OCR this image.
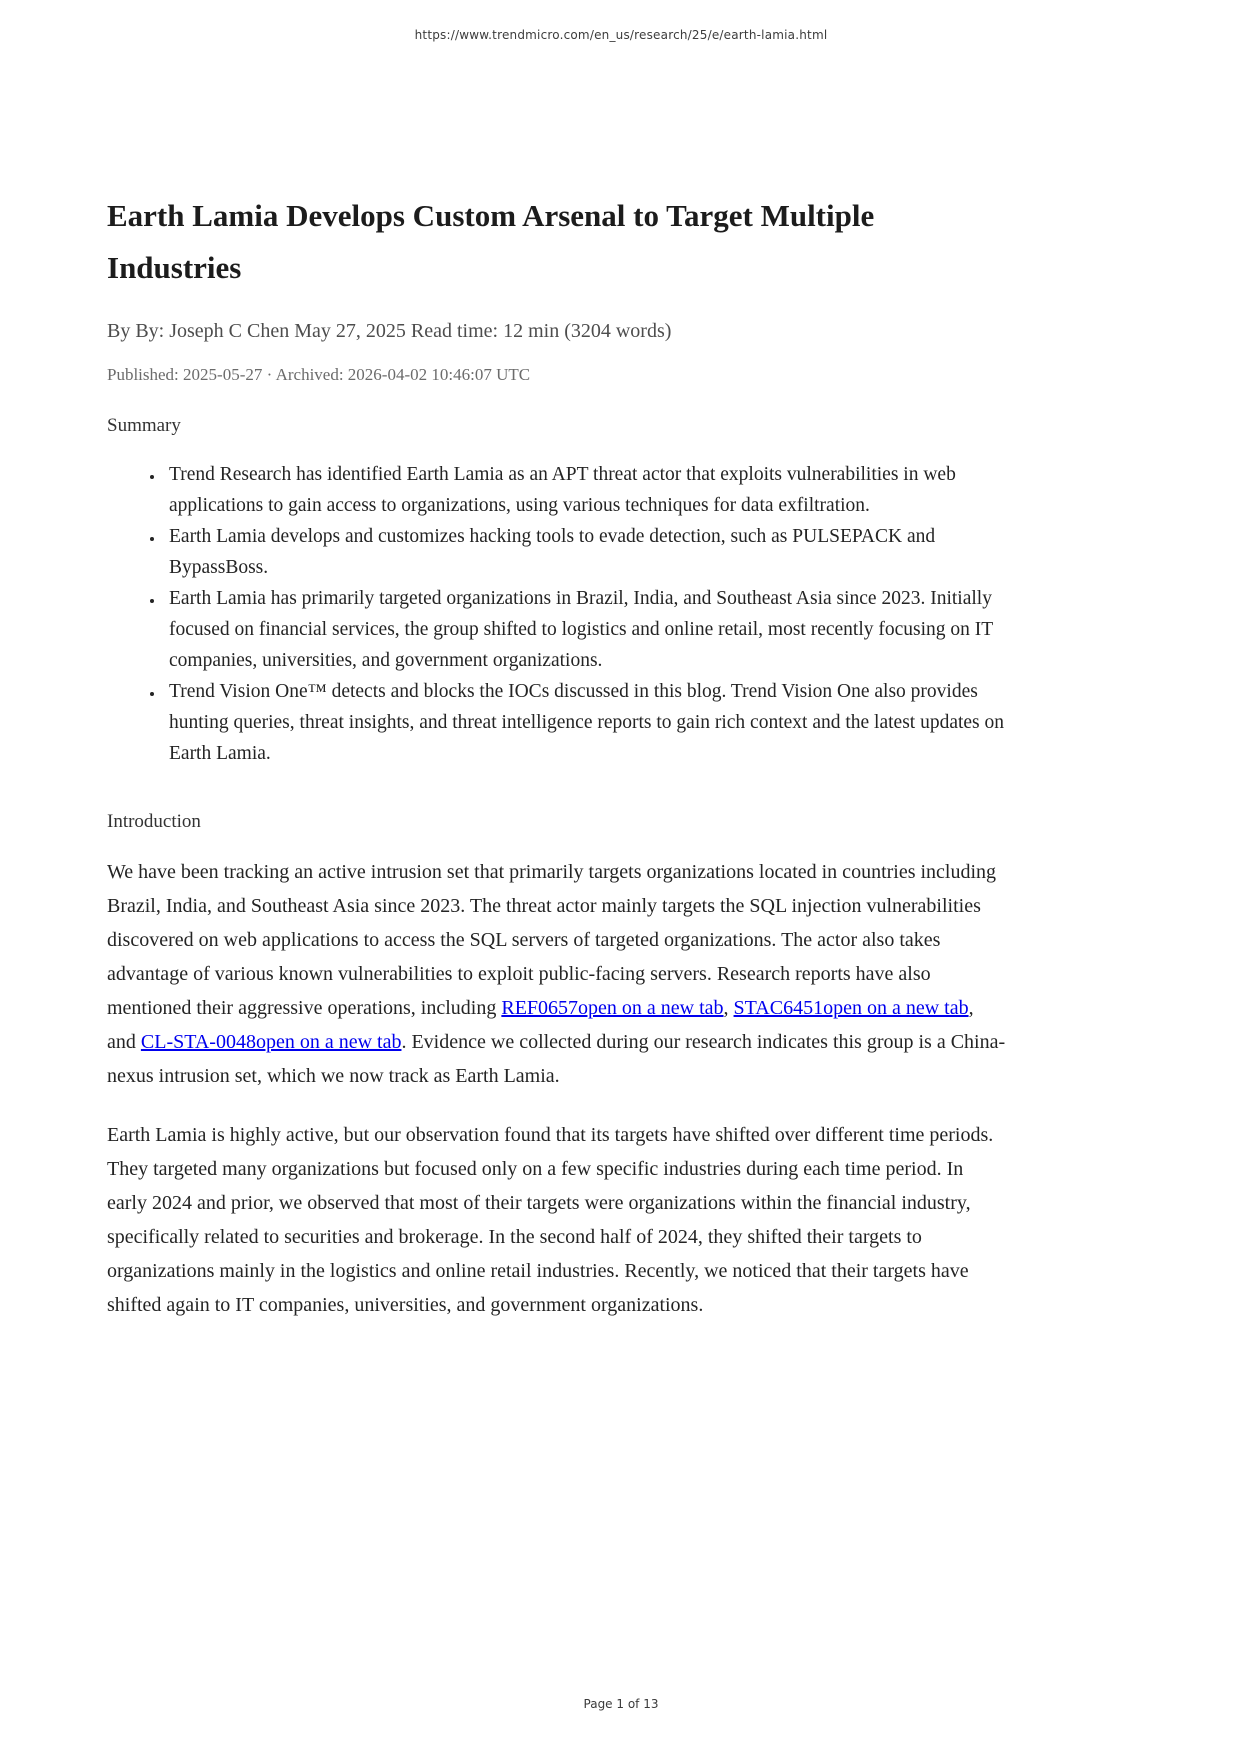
https://www.trendmicro.com/en_us/research/25/e/earth-lamia.html
Earth Lamia Develops Custom Arsenal to Target Multiple Industries
By By: Joseph C Chen May 27, 2025 Read time: 12 min (3204 words)
Published: 2025-05-27 · Archived: 2026-04-02 10:46:07 UTC
Summary
• Trend Research has identified Earth Lamia as an APT threat actor that exploits vulnerabilities in web applications to gain access to organizations, using various techniques for data exfiltration.
• Earth Lamia develops and customizes hacking tools to evade detection, such as PULSEPACK and BypassBoss.
• Earth Lamia has primarily targeted organizations in Brazil, India, and Southeast Asia since 2023. Initially focused on financial services, the group shifted to logistics and online retail, most recently focusing on IT companies, universities, and government organizations.
• Trend Vision One™ detects and blocks the IOCs discussed in this blog. Trend Vision One also provides hunting queries, threat insights, and threat intelligence reports to gain rich context and the latest updates on Earth Lamia.
Introduction

We have been tracking an active intrusion set that primarily targets organizations located in countries including Brazil, India, and Southeast Asia since 2023. The threat actor mainly targets the SQL injection vulnerabilities discovered on web applications to access the SQL servers of targeted organizations. The actor also takes advantage of various known vulnerabilities to exploit public-facing servers. Research reports have also mentioned their aggressive operations, including REF0657open on a new tab, STAC6451open on a new tab, and CL-STA-0048open on a new tab. Evidence we collected during our research indicates this group is a China-nexus intrusion set, which we now track as Earth Lamia.

Earth Lamia is highly active, but our observation found that its targets have shifted over different time periods. They targeted many organizations but focused only on a few specific industries during each time period. In early 2024 and prior, we observed that most of their targets were organizations within the financial industry, specifically related to securities and brokerage. In the second half of 2024, they shifted their targets to organizations mainly in the logistics and online retail industries. Recently, we noticed that their targets have shifted again to IT companies, universities, and government organizations.

Page 1 of 13
